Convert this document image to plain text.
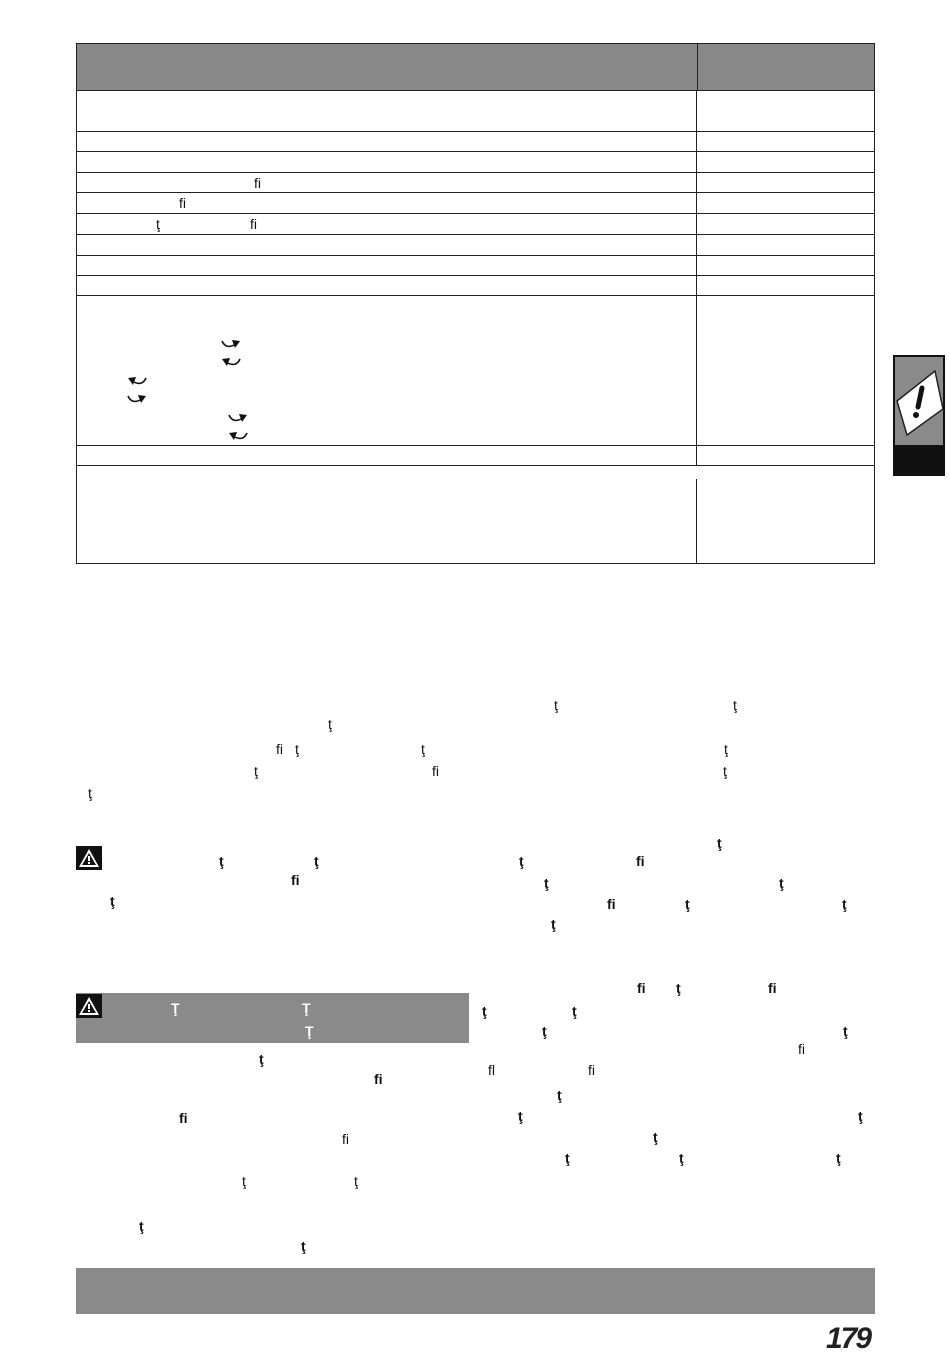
ﬁ
ﬁ
ţ	ﬁ
ţ
ﬁ ţ	ţ
ţ	ﬁ
ţ
ţ	ţ
ﬁ
ţ
Ţ	Ţ
Ţ
ţ
ﬁ
ﬁ
ﬁ
ţ	ţ
ţ
ţ
ţ	ţ
ţ
ţ
ţ
ţ	ﬁ
ţ	ţ
ﬁ	ţ	ţ
ţ
ﬁ ţ	ﬁ
ţ	ţ
ţ	ţ
ﬁ
ﬂ	ﬁ
ţ
ţ	ţ
ţ
ţ	ţ	ţ
179
